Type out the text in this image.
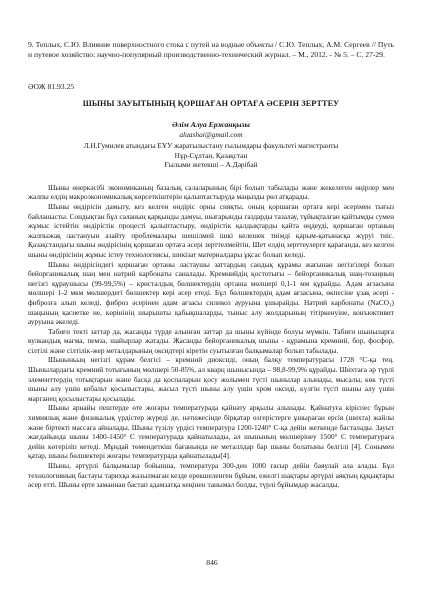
9. Теплых, С.Ю. Влияние поверхностного стока с путей на водные объекты / С.Ю. Теплых, А.М. Сергеев // Путь и путевое хозяйство: научно-популярный производственно-технический журнал. – М., 2012. - № 5. – С. 27-29.

ӘОЖ 81.93.25

ШЫНЫ ЗАУЫТЫНЫҢ ҚОРШАҒАН ОРТАҒА ӘСЕРІН ЗЕРТТЕУ

Әлім Алуа Ержанқызы

aluashai@gmail.com

Л.Н.Гумилев атындағы ЕҰУ жаратылыстану ғылымдары факультеті магистранты

Нұр-Сұлтан, Қазақстан

Ғылыми жетекші – А.Дәрібай

Шыны өнеркәсібі экономиканың базалық салаларының бірі болып табылады және жекелеген өңірлер мен жалпы елдің макроэкономикалық көрсеткіштерін қалыптастыруда маңызды рөл атқарады.

Шыны өндірісін дамыту, кез келген өндіріс орны сияқты, оның қоршаған ортаға кері әсерімен тығыз байланысты. Сондықтан бұл саланың қарқынды дамуы, шығарынды газдарды тазалау, тұйықталған қайтымды сумен жұмыс істейтін өндірістік процесті қалыптастыру, өндірістік қалдықтарды қайта өңдеуді, қоршаған ортаның жалпыжақ ластануын азайту проблемалары шешілмей ішкі келешек тиімді қарым-қатынасқа жүруі тиіс. Қазақстандағы шыны өндірісінің қоршаған ортаға әсері зерттелмейтін. Шет елдің зерттеулерге қарағанда, кез келген шыны өндірісінің жұмыс істеу технологиясы, шикізат материалдары ұқсас болып келеді.

Шыны өндірісіндегі қоршаған ортаны ластаушы заттардың сандық құрамы жағынан негізгілері болып бейорганикалық шаң мен натрий карбонаты саналады. Кремнийдің қостотығы – бейорганикалық шаң-тозаңның негізгі құраушысы (99-99,5%) – кристалдық бөлшектердің орташа мөлшері 0,1-1 мм құрайды. Адам ағзасына мөлшері 1-2 мкм мөлшердегі бөлшектер кері әсер етеді. Бұл бөлшектердің адам ағзасына, өкпесіне ұзақ әсері - фиброзға алып келеді, фиброз әсерінен адам ағзасы силикоз ауруына ұшырайды. Натрий карбонаты (NaCO₃) шаңының қасиетке ие, көрінінің шырышты қабықшаларды, тыныс алу жолдарының тітіркенуіне, конъюктивит ауруына әкеледі.

Табиғи текті заттар да, жасанды түрде алынған заттар да шыны күйінде болуы мүмкін. Табиғи шыныларға вулкандық магма, пемза, шайырлар жатады. Жасанды бейорганикалық шыны - құрамына кремний, бор, фосфор, сілтілі және сілтілік-жер металдарының оксидтері кіретін суытылған балқымалар болып табылады.

Шыныньың негізгі құрам белгісі – кремний диоксиді, оның балқу температурасы 1728 °С-қа тең. Шынылардағы кремний тотығының мөлшері 50-85%, ал кварц шынысында – 98,8-99,9% құрайды. Шихтаға әр түрлі элементтердің тотықтарын және басқа да қоспаларын қосу жолымен түсті шынылар алынады, мысалы, көк түсті шыны алу үшін кобальт қосылыстары, жасыл түсті шыны алу үшін хром оксиді, күлгін түсті шыны алу үшін марганец қосылыстары қосылады.

Шыны арнайы пештерде өте жоғары температурада қайнату арқылы алынады. Қайнатуға кіріспес бұрын химиялық және физикалық үрдістер жүреді де, нәтижесінде бірқатар өзгерістерге ұшыраған ерсія (шихта) жайлы және біртекті массаға айналады. Шыны түзілу үрдісі температура 1200-1240° С-қа дейін жеткенде басталады. Зауыт жағдайында шыны 1400-1450° С температурада қайнатылады, ал шынының мөлшерінеу 1500° С температураға дейін көтеріліп кетеді. Мұндай төмендеткіш бағанында не металлдар бар шыны болатыны белгілі [4]. Сонымен қатар, шыны бөлшектері жоғары температурада қайнатылады[4].

Шыны, әртүрлі балқымалар бойынша, температура 300-ден 1000 ғасыр дейін баяулай ала алады. Бұл технологияның бастауы тарихқа жазылмаған кезде ерекшеленген бұйым, ежелгі шақтары әртүрлі аяқтың құқықтары әсер етті. Шыны ерте заманнан бастап адамзатқа кеңінен танымал болды, түрлі бұйымдар жасалды.

846
